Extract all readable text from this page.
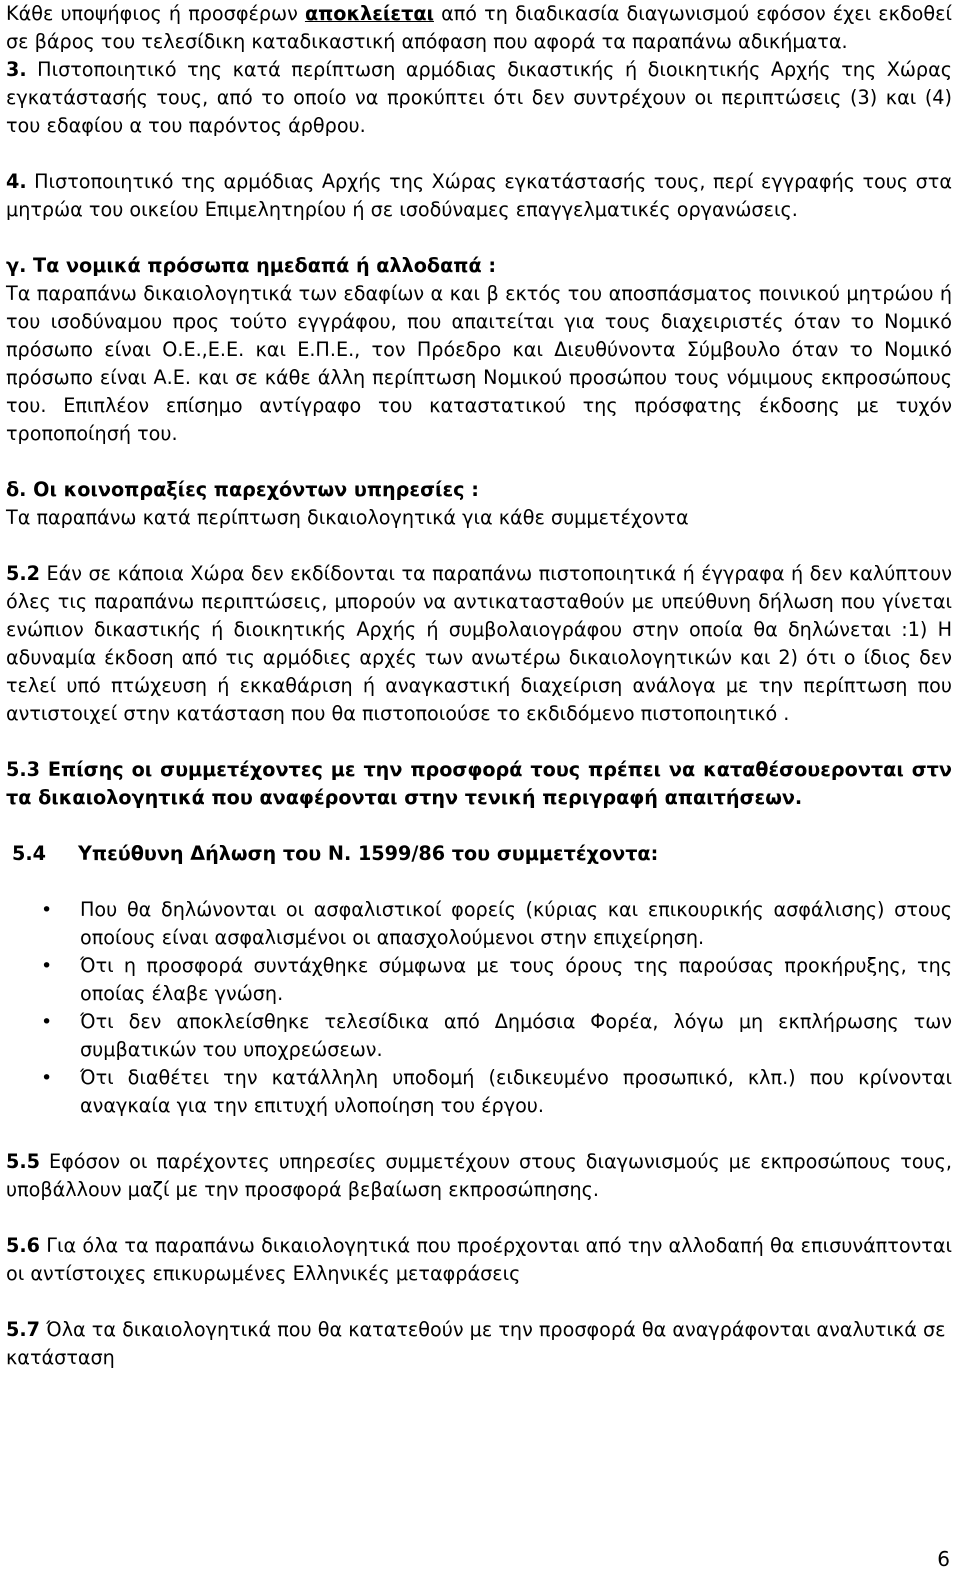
Κάθε υποψήφιος ή προσφέρων αποκλείεται από τη διαδικασία διαγωνισμού εφόσον έχει εκδοθεί σε βάρος του τελεσίδικη καταδικαστική απόφαση που αφορά τα παραπάνω αδικήματα.

3. Πιστοποιητικό της κατά περίπτωση αρμόδιας δικαστικής ή διοικητικής Αρχής της Χώρας εγκατάστασής τους, από το οποίο να προκύπτει ότι δεν συντρέχουν οι περιπτώσεις (3) και (4) του εδαφίου α του παρόντος άρθρου.

4. Πιστοποιητικό της αρμόδιας Αρχής της Χώρας εγκατάστασής τους, περί εγγραφής τους στα μητρώα του οικείου Επιμελητηρίου ή σε ισοδύναμες επαγγελματικές οργανώσεις.

γ. Τα νομικά πρόσωπα ημεδαπά ή αλλοδαπά :

Τα παραπάνω δικαιολογητικά των εδαφίων α και β εκτός του αποσπάσματος ποινικού μητρώου ή του ισοδύναμου προς τούτο εγγράφου, που απαιτείται για τους διαχειριστές όταν το Νομικό πρόσωπο είναι Ο.Ε.,Ε.Ε. και Ε.Π.Ε., τον Πρόεδρο και Διευθύνοντα Σύμβουλο όταν το Νομικό πρόσωπο είναι Α.Ε. και σε κάθε άλλη περίπτωση Νομικού προσώπου τους νόμιμους εκπροσώπους του. Επιπλέον επίσημο αντίγραφο του καταστατικού της πρόσφατης έκδοσης με τυχόν τροποποίησή του.

δ. Οι κοινοπραξίες παρεχόντων υπηρεσίες :

Τα παραπάνω κατά περίπτωση δικαιολογητικά για κάθε συμμετέχοντα

5.2 Εάν σε κάποια Χώρα δεν εκδίδονται τα παραπάνω πιστοποιητικά ή έγγραφα ή δεν καλύπτουν όλες τις παραπάνω περιπτώσεις, μπορούν να αντικατασταθούν με υπεύθυνη δήλωση που γίνεται ενώπιον δικαστικής ή διοικητικής Αρχής ή συμβολαιογράφου στην οποία θα δηλώνεται :1) Η αδυναμία έκδοση από τις αρμόδιες αρχές των ανωτέρω δικαιολογητικών και 2) ότι ο ίδιος δεν τελεί υπό πτώχευση ή εκκαθάριση ή αναγκαστική διαχείριση ανάλογα με την περίπτωση που αντιστοιχεί στην κατάσταση που θα πιστοποιούσε το εκδιδόμενο πιστοποιητικό .

5.3 Επίσης οι συμμετέχοντες με την προσφορά τους πρέπει να καταθέσουερονται στν τα δικαιολογητικά που αναφέρονται στην τενική περιγραφή απαιτήσεων.

5.4 Υπεύθυνη Δήλωση του Ν. 1599/86 του συμμετέχοντα:

• Που θα δηλώνονται οι ασφαλιστικοί φορείς (κύριας και επικουρικής ασφάλισης) στους οποίους είναι ασφαλισμένοι οι απασχολούμενοι στην επιχείρηση.
• Ότι η προσφορά συντάχθηκε σύμφωνα με τους όρους της παρούσας προκήρυξης, της οποίας έλαβε γνώση.
• Ότι δεν αποκλείσθηκε τελεσίδικα από Δημόσια Φορέα, λόγω μη εκπλήρωσης των συμβατικών του υποχρεώσεων.
• Ότι διαθέτει την κατάλληλη υποδομή (ειδικευμένο προσωπικό, κλπ.) που κρίνονται αναγκαία για την επιτυχή υλοποίηση του έργου.

5.5 Εφόσον οι παρέχοντες υπηρεσίες συμμετέχουν στους διαγωνισμούς με εκπροσώπους τους, υποβάλλουν μαζί με την προσφορά βεβαίωση εκπροσώπησης.

5.6 Για όλα τα παραπάνω δικαιολογητικά που προέρχονται από την αλλοδαπή θα επισυνάπτονται οι αντίστοιχες επικυρωμένες Ελληνικές μεταφράσεις

5.7 Όλα τα δικαιολογητικά που θα κατατεθούν με την προσφορά θα αναγράφονται αναλυτικά σε κατάσταση

6
